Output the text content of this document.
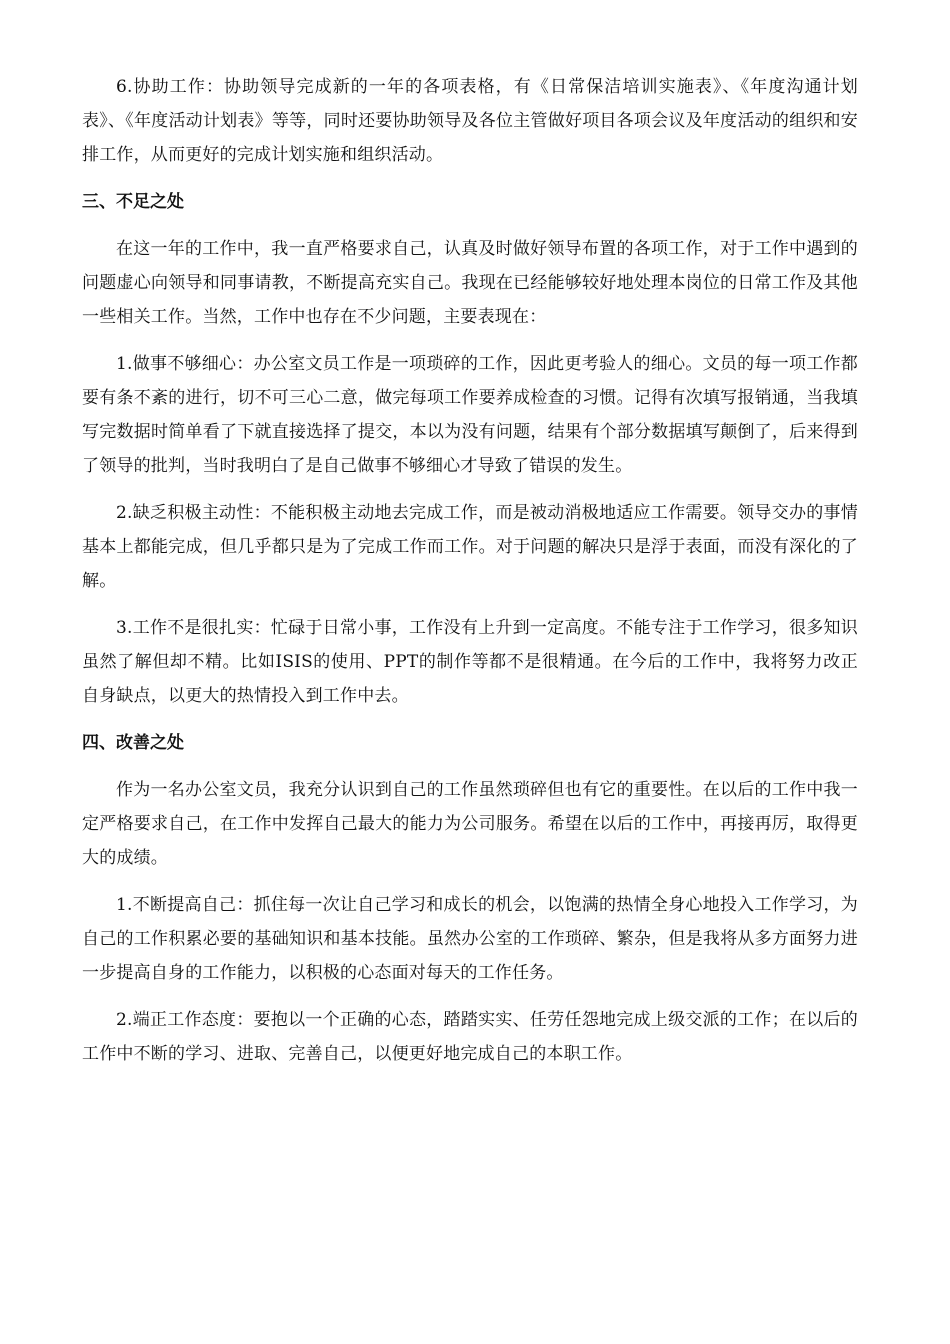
6.协助工作：协助领导完成新的一年的各项表格，有《日常保洁培训实施表》、《年度沟通计划表》、《年度活动计划表》等等，同时还要协助领导及各位主管做好项目各项会议及年度活动的组织和安排工作，从而更好的完成计划实施和组织活动。

三、不足之处

在这一年的工作中，我一直严格要求自己，认真及时做好领导布置的各项工作，对于工作中遇到的问题虚心向领导和同事请教，不断提高充实自己。我现在已经能够较好地处理本岗位的日常工作及其他一些相关工作。当然，工作中也存在不少问题，主要表现在：

1.做事不够细心：办公室文员工作是一项琐碎的工作，因此更考验人的细心。文员的每一项工作都要有条不紊的进行，切不可三心二意，做完每项工作要养成检查的习惯。记得有次填写报销通，当我填写完数据时简单看了下就直接选择了提交，本以为没有问题，结果有个部分数据填写颠倒了，后来得到了领导的批判，当时我明白了是自己做事不够细心才导致了错误的发生。

2.缺乏积极主动性：不能积极主动地去完成工作，而是被动消极地适应工作需要。领导交办的事情基本上都能完成，但几乎都只是为了完成工作而工作。对于问题的解决只是浮于表面，而没有深化的了解。

3.工作不是很扎实：忙碌于日常小事，工作没有上升到一定高度。不能专注于工作学习，很多知识虽然了解但却不精。比如ISIS的使用、PPT的制作等都不是很精通。在今后的工作中，我将努力改正自身缺点，以更大的热情投入到工作中去。

四、改善之处

作为一名办公室文员，我充分认识到自己的工作虽然琐碎但也有它的重要性。在以后的工作中我一定严格要求自己，在工作中发挥自己最大的能力为公司服务。希望在以后的工作中，再接再厉，取得更大的成绩。

1.不断提高自己：抓住每一次让自己学习和成长的机会，以饱满的热情全身心地投入工作学习，为自己的工作积累必要的基础知识和基本技能。虽然办公室的工作琐碎、繁杂，但是我将从多方面努力进一步提高自身的工作能力，以积极的心态面对每天的工作任务。

2.端正工作态度：要抱以一个正确的心态，踏踏实实、任劳任怨地完成上级交派的工作；在以后的工作中不断的学习、进取、完善自己，以便更好地完成自己的本职工作。
